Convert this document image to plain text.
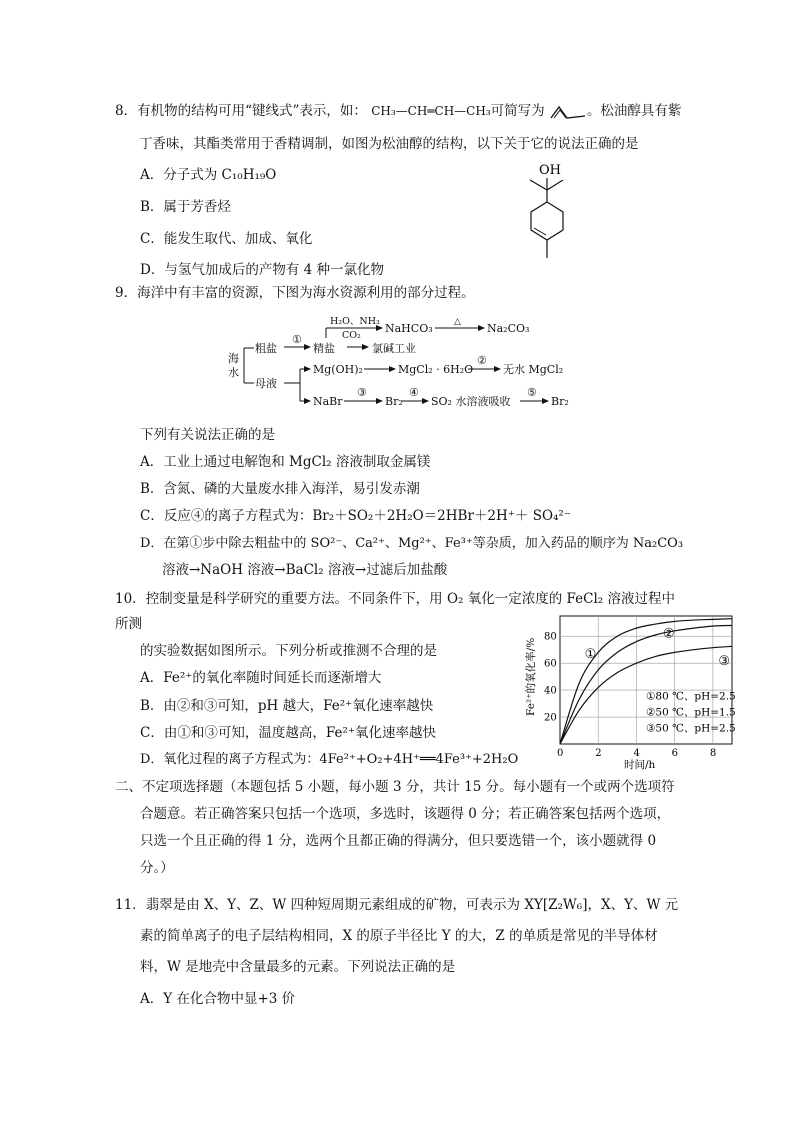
8．有机物的结构可用“键线式”表示，如： CH₃—CH═CH—CH₃可简写为	。松油醇具有紫
丁香味，其酯类常用于香精调制，如图为松油醇的结构，以下关于它的说法正确的是
A．分子式为 C₁₀H₁₉O
B．属于芳香烃
C．能发生取代、加成、氧化
D．与氢气加成后的产物有 4 种一氯化物
OH
9．海洋中有丰富的资源，下图为海水资源利用的部分过程。
海
水
粗盐
①
精盐
H₂O、NH₃
CO₂
NaHCO₃ △ Na₂CO₃
氯碱工业
母液
Mg(OH)₂	MgCl₂ · 6H₂O
②
无水 MgCl₂
NaBr
③
Br₂
④
SO₂ 水溶液吸收
⑤
Br₂
下列有关说法正确的是
A．工业上通过电解饱和 MgCl₂ 溶液制取金属镁
B．含氮、磷的大量废水排入海洋，易引发赤潮
C．反应④的离子方程式为：Br₂＋SO₂＋2H₂O＝2HBr＋2H⁺＋ SO₄²⁻
D．在第①步中除去粗盐中的 SO²⁻、Ca²⁺、Mg²⁺、Fe³⁺等杂质，加入药品的顺序为 Na₂CO₃
溶液→NaOH 溶液→BaCl₂ 溶液→过滤后加盐酸
10．控制变量是科学研究的重要方法。不同条件下，用 O₂ 氧化一定浓度的 FeCl₂ 溶液过程中
所测
的实验数据如图所示。下列分析或推测不合理的是
A．Fe²⁺的氧化率随时间延长而逐渐增大
B．由②和③可知，pH 越大，Fe²⁺氧化速率越快
C．由①和③可知，温度越高，Fe²⁺氧化速率越快
D．氧化过程的离子方程式为：4Fe²⁺+O₂+4H⁺══4Fe³⁺+2H₂O
20
40
60
80
0	2	4	6	8
①
②
③
①80 ℃、pH=2.5
②50 ℃、pH=1.5
③50 ℃、pH=2.5
时间/h
Fe²⁺的氧化率/%
二、不定项选择题（本题包括 5 小题，每小题 3 分，共计 15 分。每小题有一个或两个选项符
合题意。若正确答案只包括一个选项，多选时，该题得 0 分；若正确答案包括两个选项，
只选一个且正确的得 1 分，选两个且都正确的得满分，但只要选错一个，该小题就得 0
分。）
11．翡翠是由 X、Y、Z、W 四种短周期元素组成的矿物，可表示为 XY[Z₂W₆]，X、Y、W 元
素的简单离子的电子层结构相同，X 的原子半径比 Y 的大，Z 的单质是常见的半导体材
料，W 是地壳中含量最多的元素。下列说法正确的是
A．Y 在化合物中显+3 价
